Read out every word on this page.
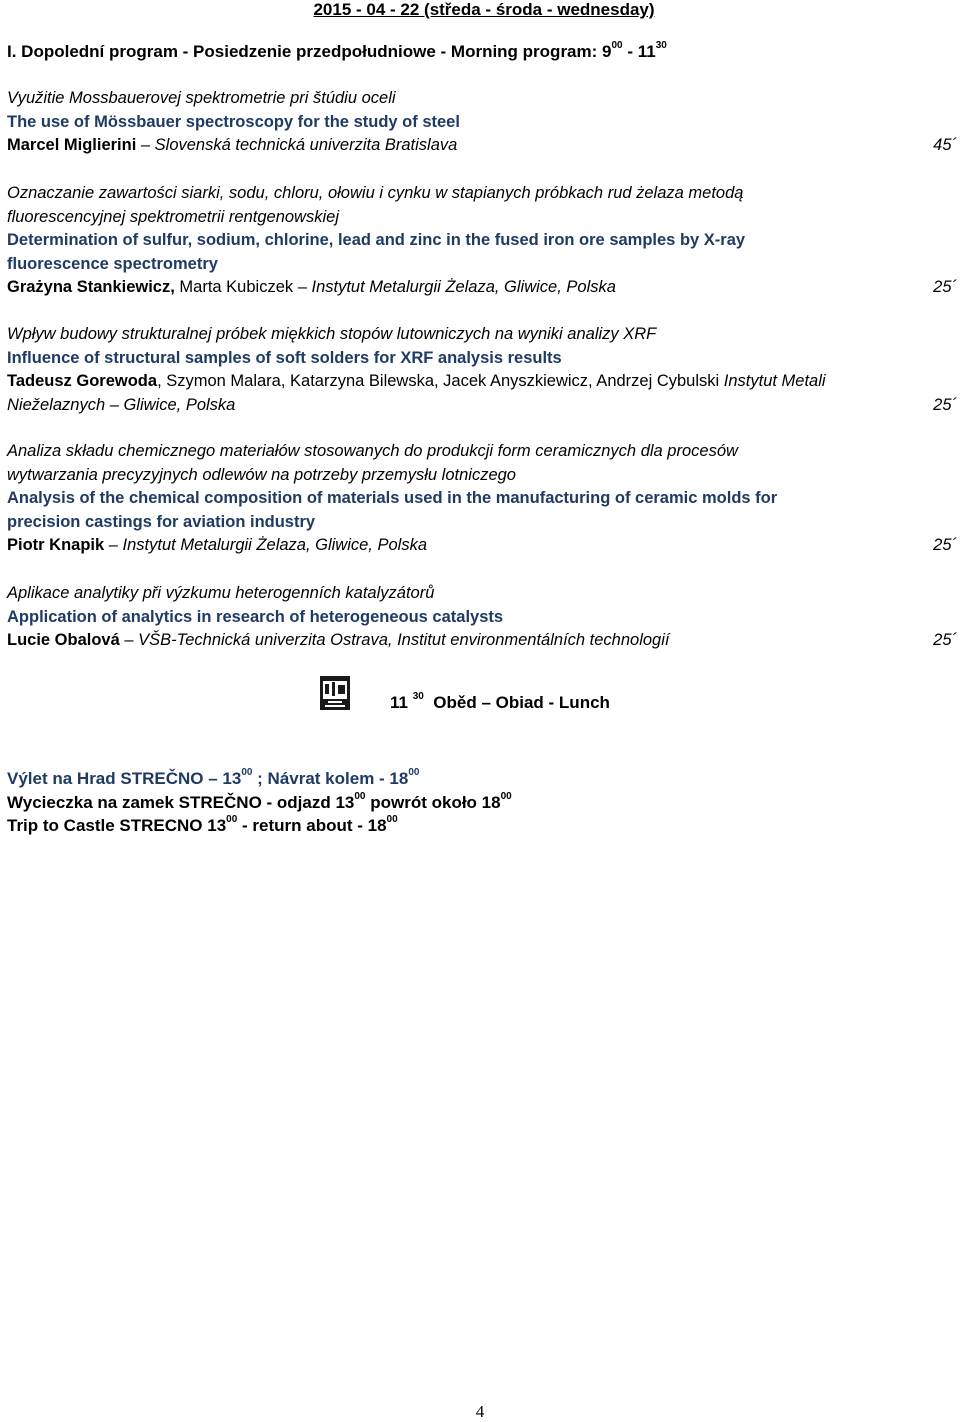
2015 - 04 - 22 (středa - środa - wednesday)
I. Dopolední program - Posiedzenie przedpołudniowe - Morning program: $9^{00} - 11^{30}$
Využitie Mossbauerovej spektrometrie pri štúdiu oceli
The use of Mössbauer spectroscopy for the study of steel
Marcel Miglierini – Slovenská technická univerzita Bratislava	45´
Oznaczanie zawartości siarki, sodu, chloru, ołowiu i cynku w stapianych próbkach rud żelaza metodą
fluorescencyjnej spektrometrii rentgenowskiej
Determination of sulfur, sodium, chlorine, lead and zinc in the fused iron ore samples by X-ray
fluorescence spectrometry
Grażyna Stankiewicz, Marta Kubiczek – Instytut Metalurgii Żelaza, Gliwice, Polska	25´
Wpływ budowy strukturalnej próbek miękkich stopów lutowniczych na wyniki analizy XRF
Influence of structural samples of soft solders for XRF analysis results
Tadeusz Gorewoda, Szymon Malara, Katarzyna Bilewska, Jacek Anyszkiewicz, Andrzej Cybulski Instytut Metali Nieželaznych – Gliwice, Polska	25´
Analiza składu chemicznego materiałów stosowanych do produkcji form ceramicznych dla procesów
wytwarzania precyzyjnych odlewów na potrzeby przemysłu lotniczego
Analysis of the chemical composition of materials used in the manufacturing of ceramic molds for
precision castings for aviation industry
Piotr Knapik – Instytut Metalurgii Żelaza, Gliwice, Polska	25´
Aplikace analytiky při výzkumu heterogenních katalyzátorů
Application of analytics in research of heterogeneous catalysts
Lucie Obalová – VŠB-Technická univerzita Ostrava, Institut environmentálních technologií	25´
11 $^{30}$ Oběd – Obiad - Lunch
Výlet na Hrad STREČNO – $13^{00}$ ; Návrat kolem - $18^{00}$
Wycieczka na zamek STREČNO - odjazd $13^{00}$ powrót około $18^{00}$
Trip to Castle STRECNO $13^{00}$ - return about - $18^{00}$
4
